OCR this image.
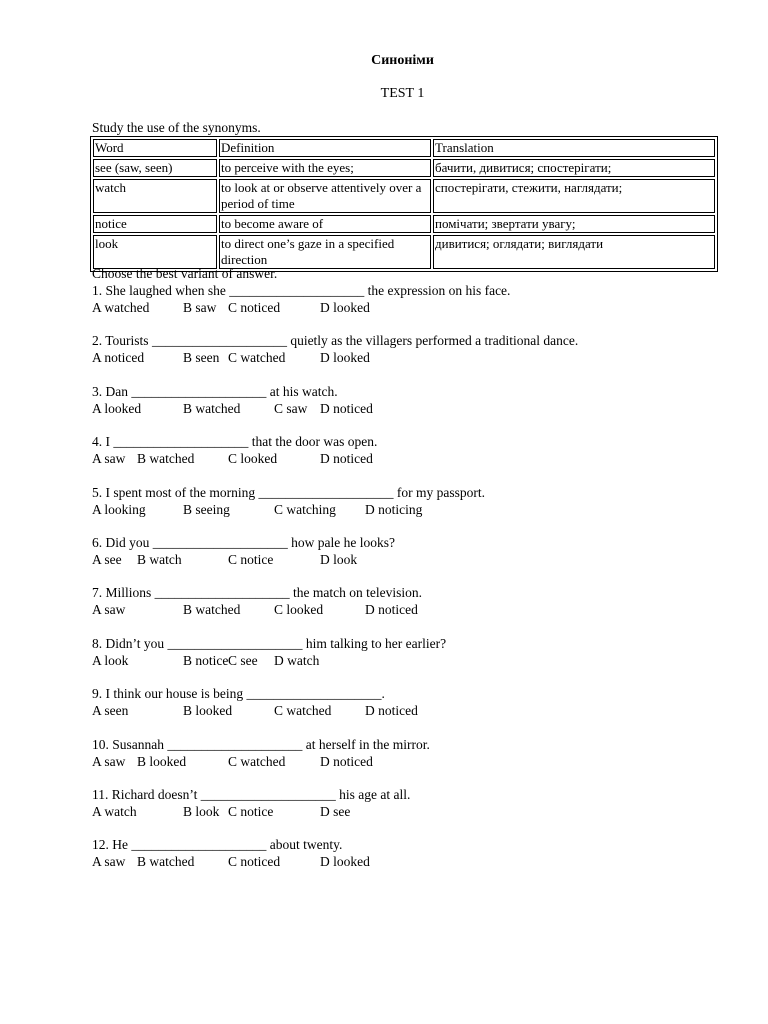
Синоніми
TEST 1
Study the use of the synonyms.
Word	Definition	Translation
see (saw, seen)	to perceive with the eyes;	бачити, дивитися; спостерігати;
watch	to look at or observe attentively over a period of time	спостерігати, стежити, наглядати;
notice	to become aware of	помічати; звертати увагу;
look	to direct one’s gaze in a specified direction	дивитися; оглядати; виглядати
Choose the best variant of answer.
1. She laughed when she ____________________ the expression on his face.
A watched B saw C noticed	D looked
2. Tourists ____________________ quietly as the villagers performed a traditional dance.
A noticed	B seen C watched	D looked
3. Dan ____________________ at his watch.
A looked	B watched C saw D noticed
4. I ____________________ that the door was open.
A saw B watched C looked	D noticed
5. I spent most of the morning ____________________ for my passport.
A looking	B seeing	C watching D noticing
6. Did you ____________________ how pale he looks?
A see B watch	C notice	D look
7. Millions ____________________ the match on television.
A saw	B watched C looked	D noticed
8. Didn’t you ____________________ him talking to her earlier?
A look	B notice C see D watch
9. I think our house is being ____________________.
A seen	B looked	C watched D noticed
10. Susannah ____________________ at herself in the mirror.
A saw B looked	C watched	D noticed
11. Richard doesn’t ____________________ his age at all.
A watch	B look C notice	D see
12. He ____________________ about twenty.
A saw B watched C noticed	D looked
